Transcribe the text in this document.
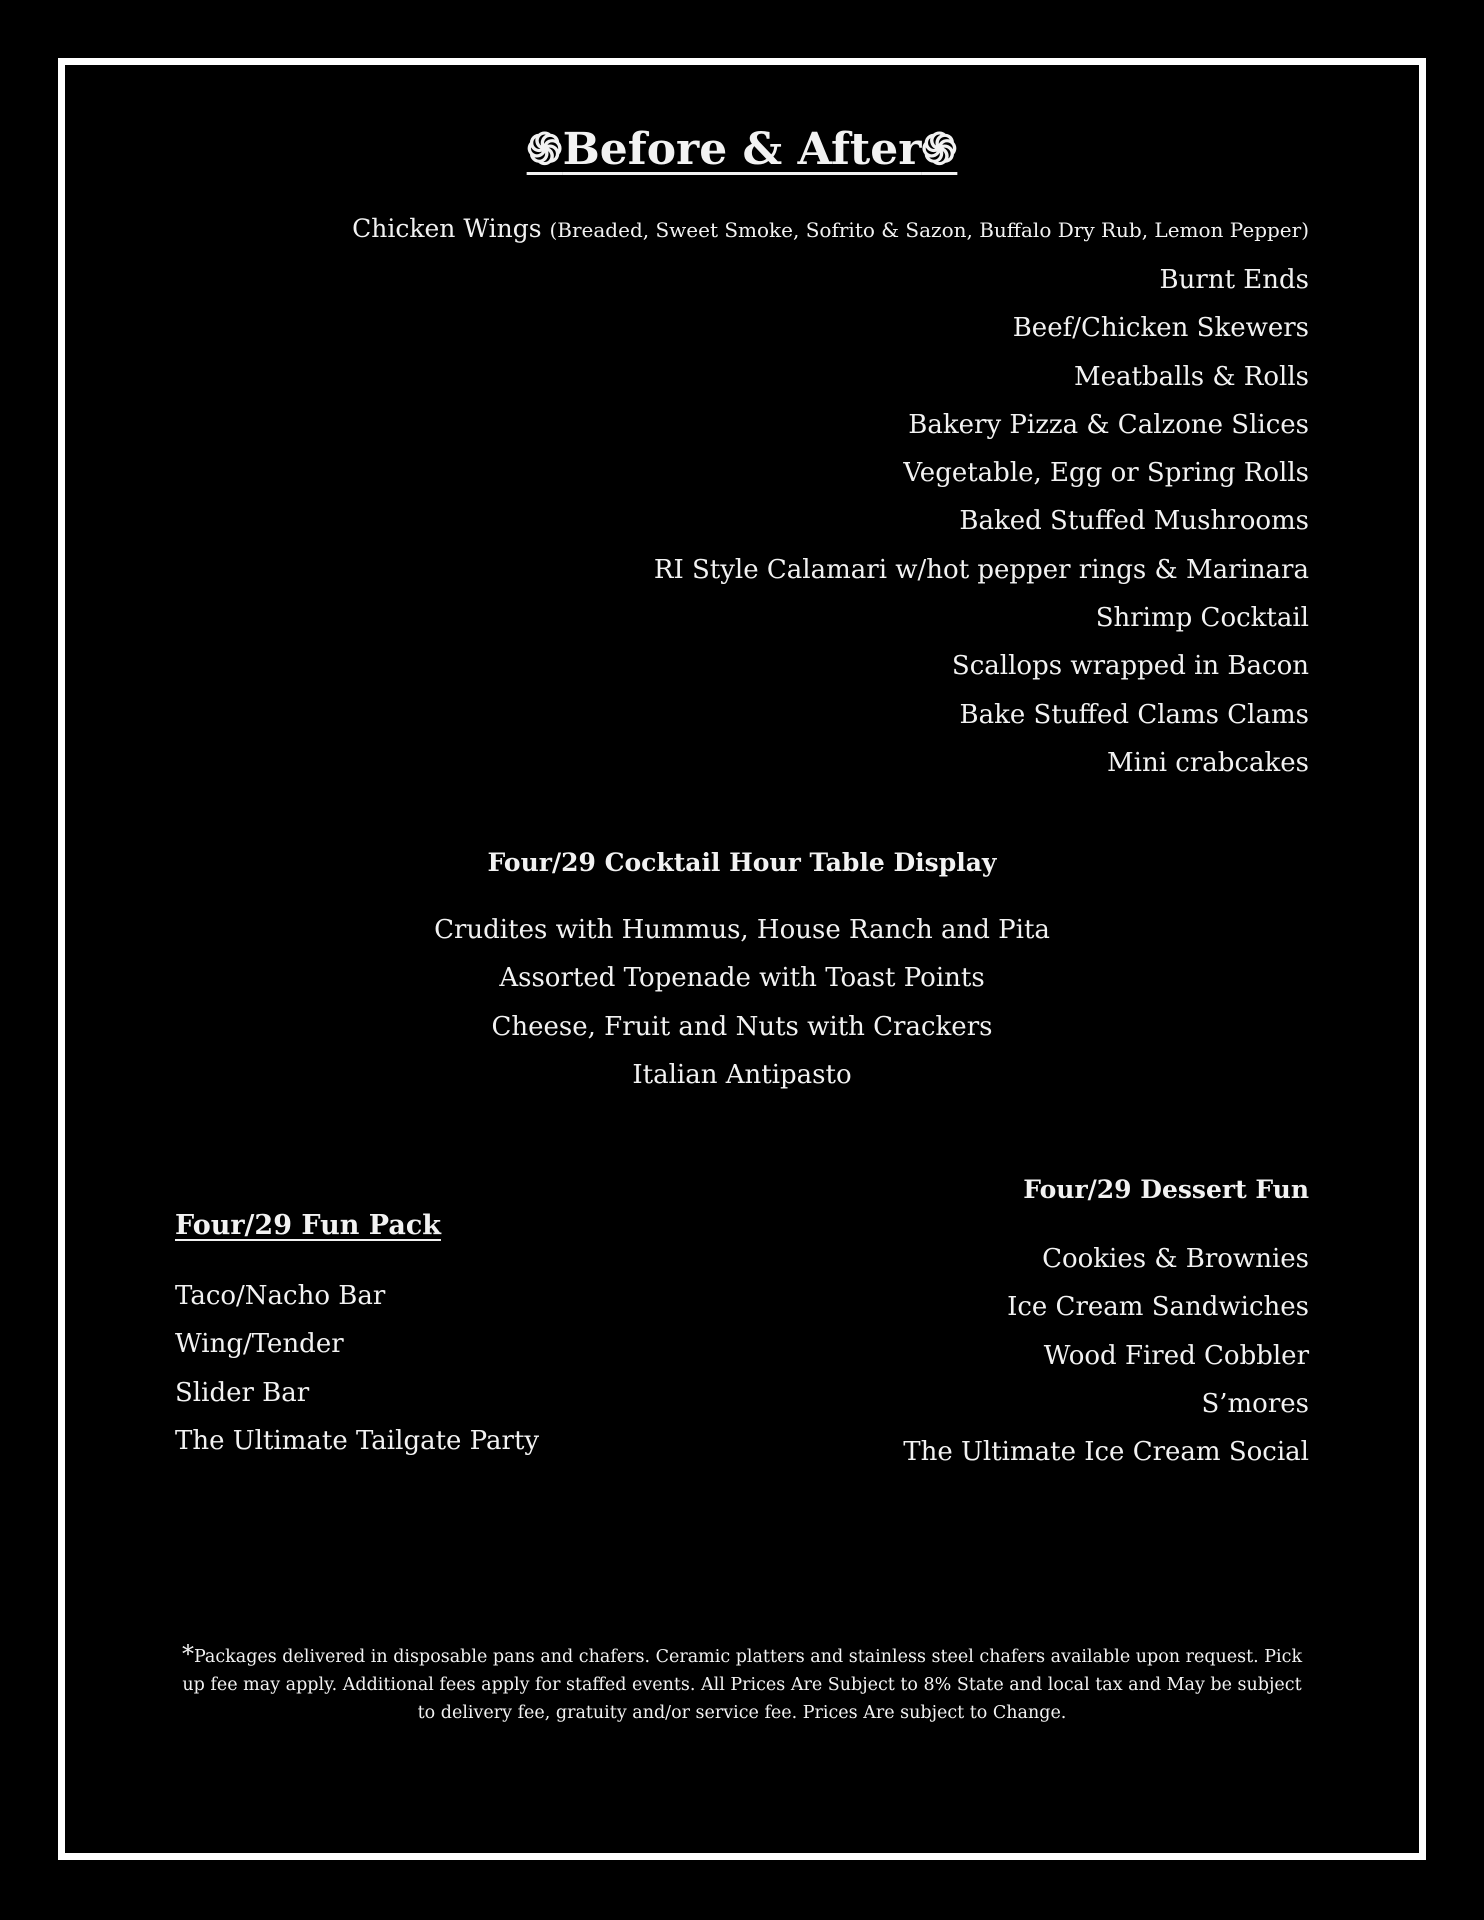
֍Before & After֍
Chicken Wings (Breaded, Sweet Smoke, Sofrito & Sazon, Buffalo Dry Rub, Lemon Pepper)
Burnt Ends
Beef/Chicken Skewers
Meatballs & Rolls
Bakery Pizza & Calzone Slices
Vegetable, Egg or Spring Rolls
Baked Stuffed Mushrooms
RI Style Calamari w/hot pepper rings & Marinara
Shrimp Cocktail
Scallops wrapped in Bacon
Bake Stuffed Clams Clams
Mini crabcakes
Four/29 Cocktail Hour Table Display
Crudites with Hummus, House Ranch and Pita
Assorted Topenade with Toast Points
Cheese, Fruit and Nuts with Crackers
Italian Antipasto
Four/29 Fun Pack
Taco/Nacho Bar
Wing/Tender
Slider Bar
The Ultimate Tailgate Party
Four/29 Dessert Fun
Cookies & Brownies
Ice Cream Sandwiches
Wood Fired Cobbler
S’mores
The Ultimate Ice Cream Social
*Packages delivered in disposable pans and chafers. Ceramic platters and stainless steel chafers available upon request. Pick up fee may apply. Additional fees apply for staffed events. All Prices Are Subject to 8% State and local tax and May be subject to delivery fee, gratuity and/or service fee. Prices Are subject to Change.
